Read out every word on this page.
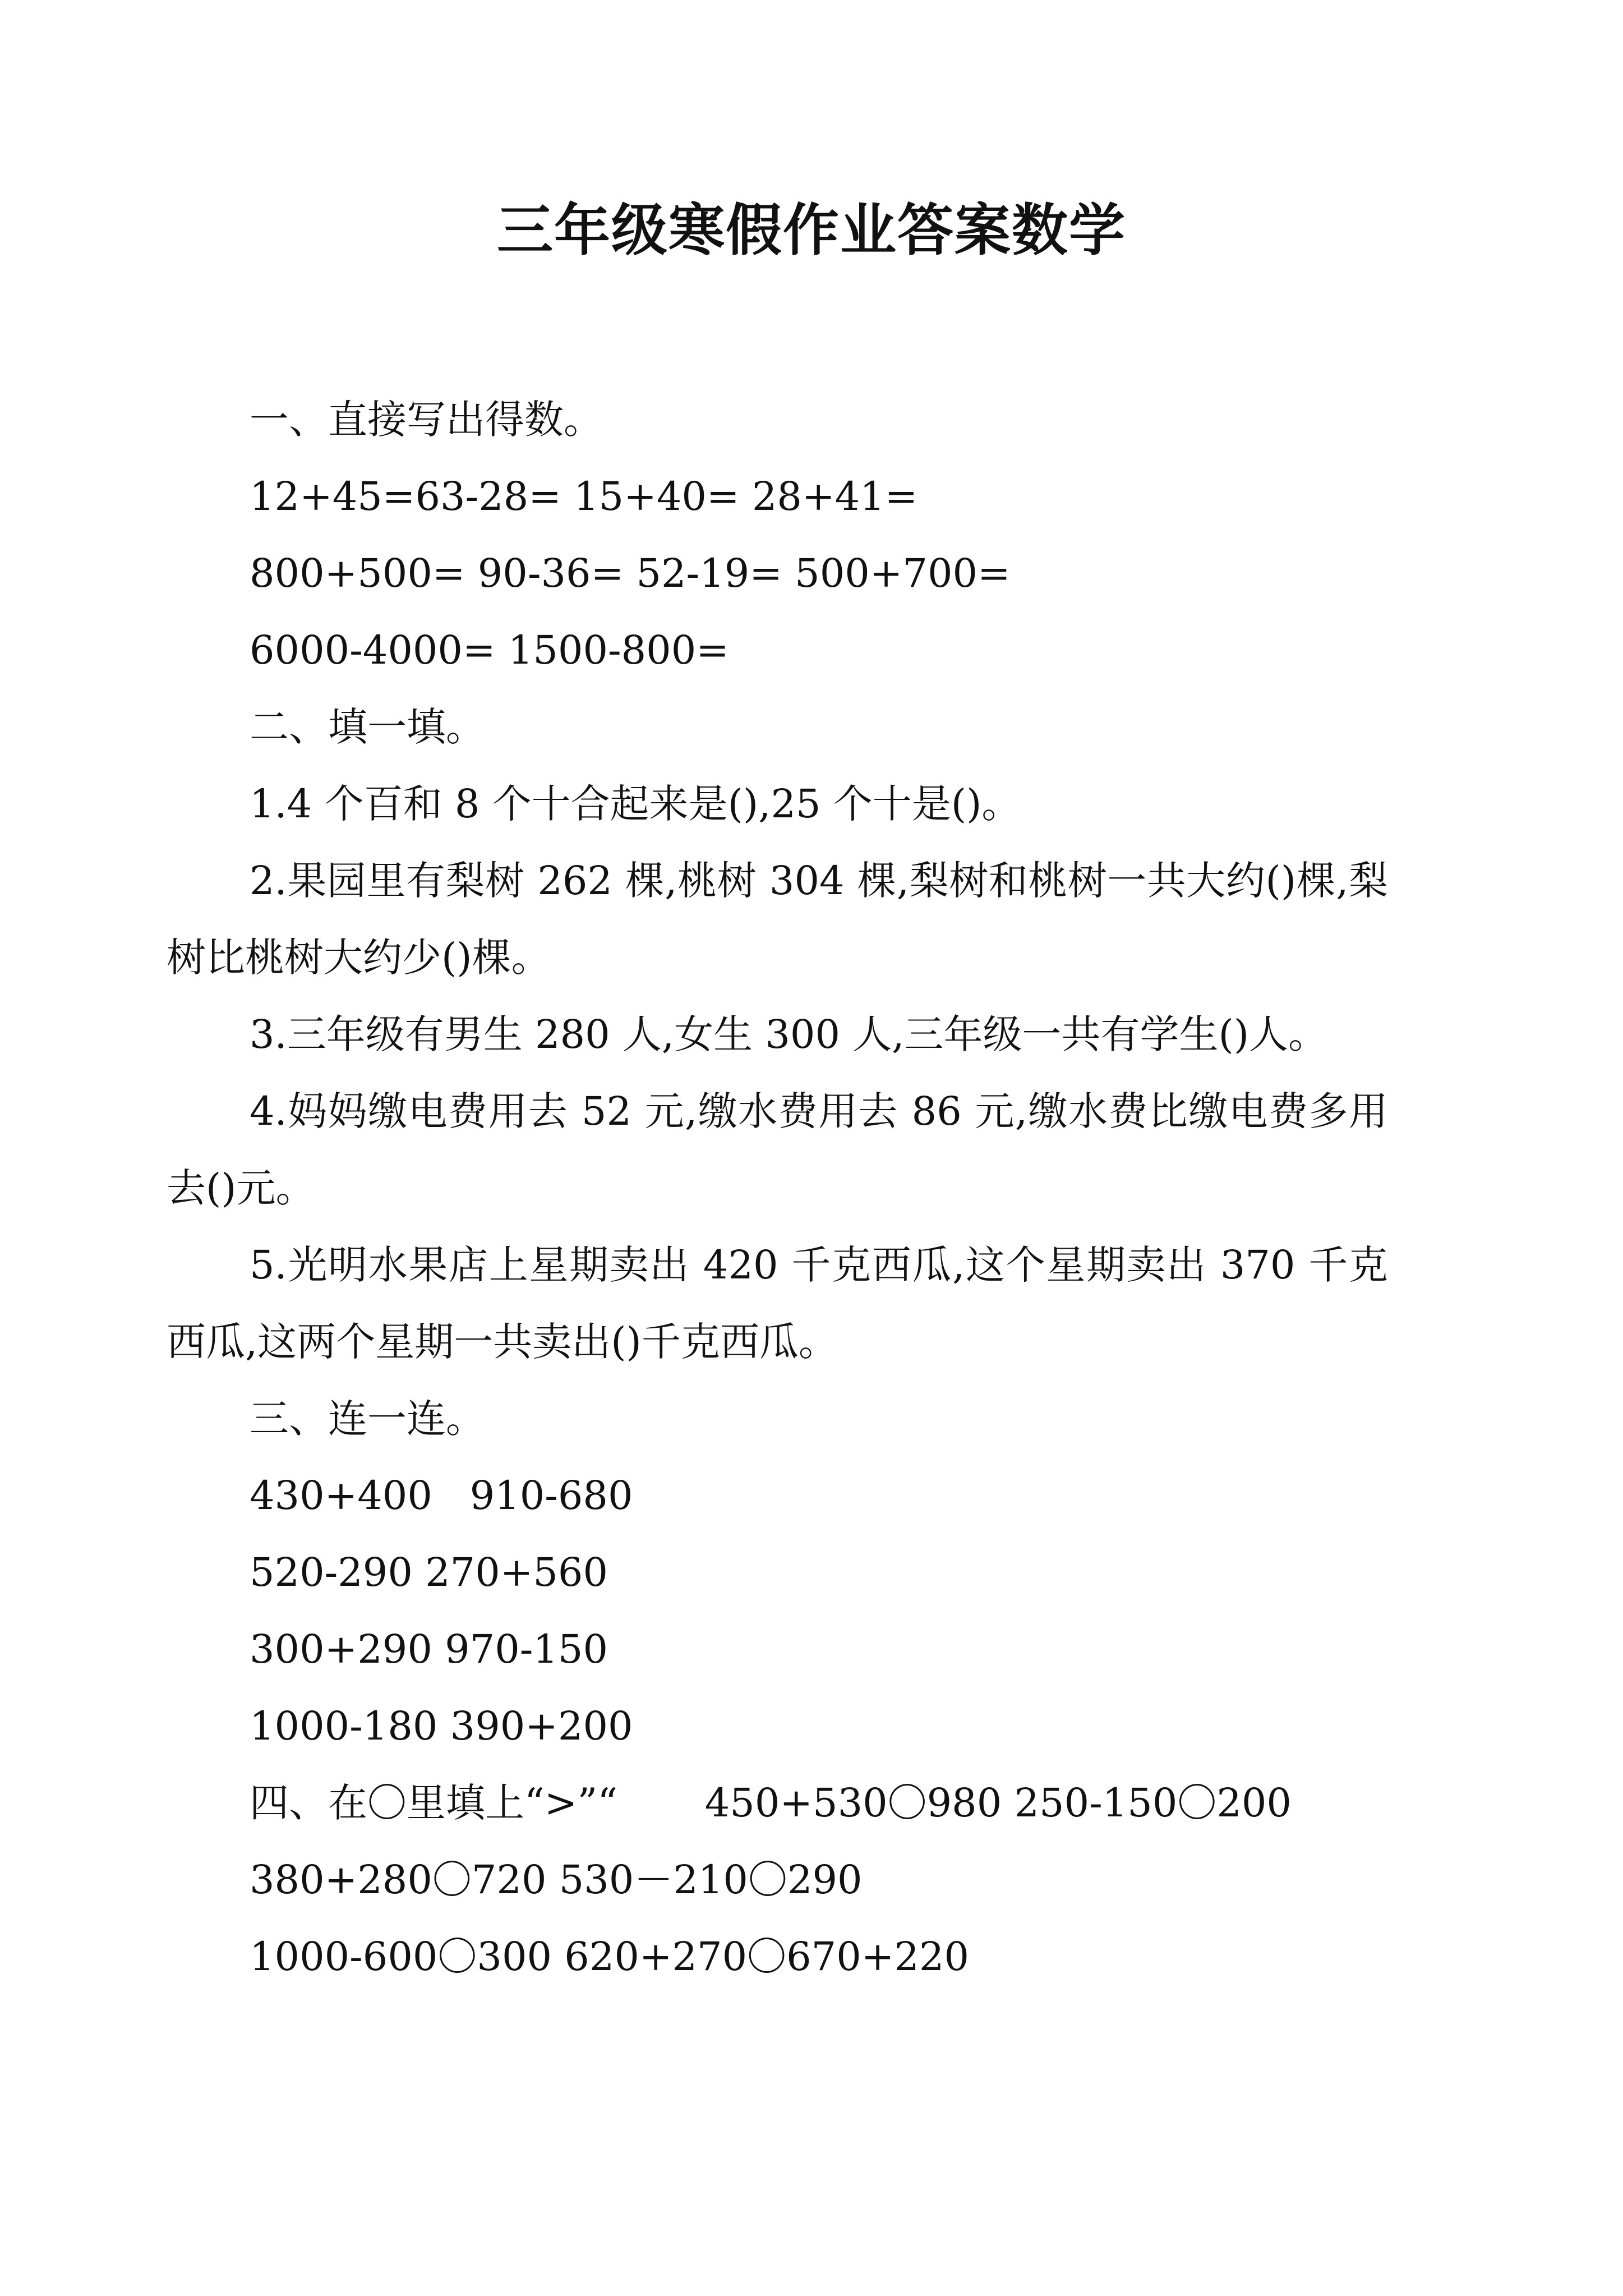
三年级寒假作业答案数学
一、直接写出得数。
12+45=63-28= 15+40= 28+41=
800+500= 90-36= 52-19= 500+700=
6000-4000= 1500-800=
二、填一填。
1.4 个百和 8 个十合起来是(),25 个十是()。
2.果园里有梨树 262 棵,桃树 304 棵,梨树和桃树一共大约()棵,梨树比桃树大约少()棵。
3.三年级有男生 280 人,女生 300 人,三年级一共有学生()人。
4.妈妈缴电费用去 52 元,缴水费用去 86 元,缴水费比缴电费多用去()元。
5.光明水果店上星期卖出 420 千克西瓜,这个星期卖出 370 千克西瓜,这两个星期一共卖出()千克西瓜。
三、连一连。
430+400   910-680
520-290 270+560
300+290 970-150
1000-180 390+200
四、在〇里填上“>”“       450+530〇980 250-150〇200
380+280〇720 530－210〇290
1000-600〇300 620+270〇670+220
